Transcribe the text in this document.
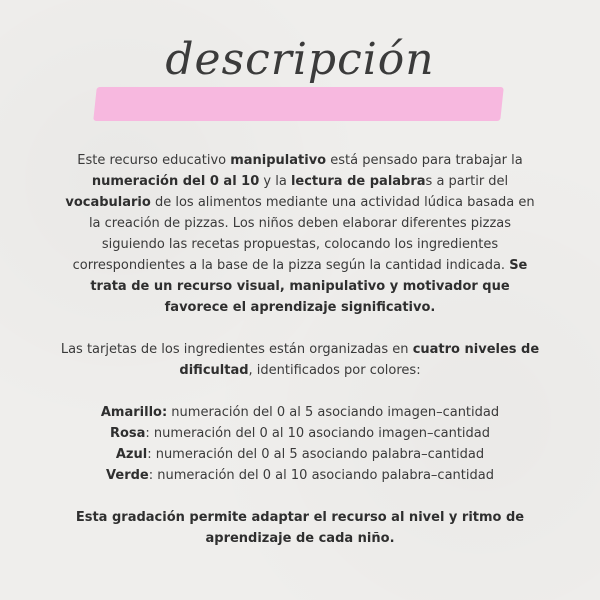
descripción

Este recurso educativo manipulativo está pensado para trabajar la numeración del 0 al 10 y la lectura de palabras a partir del vocabulario de los alimentos mediante una actividad lúdica basada en la creación de pizzas. Los niños deben elaborar diferentes pizzas siguiendo las recetas propuestas, colocando los ingredientes correspondientes a la base de la pizza según la cantidad indicada. Se trata de un recurso visual, manipulativo y motivador que favorece el aprendizaje significativo.

Las tarjetas de los ingredientes están organizadas en cuatro niveles de dificultad, identificados por colores:

Amarillo: numeración del 0 al 5 asociando imagen–cantidad

Rosa: numeración del 0 al 10 asociando imagen–cantidad

Azul: numeración del 0 al 5 asociando palabra–cantidad

Verde: numeración del 0 al 10 asociando palabra–cantidad

Esta gradación permite adaptar el recurso al nivel y ritmo de aprendizaje de cada niño.
